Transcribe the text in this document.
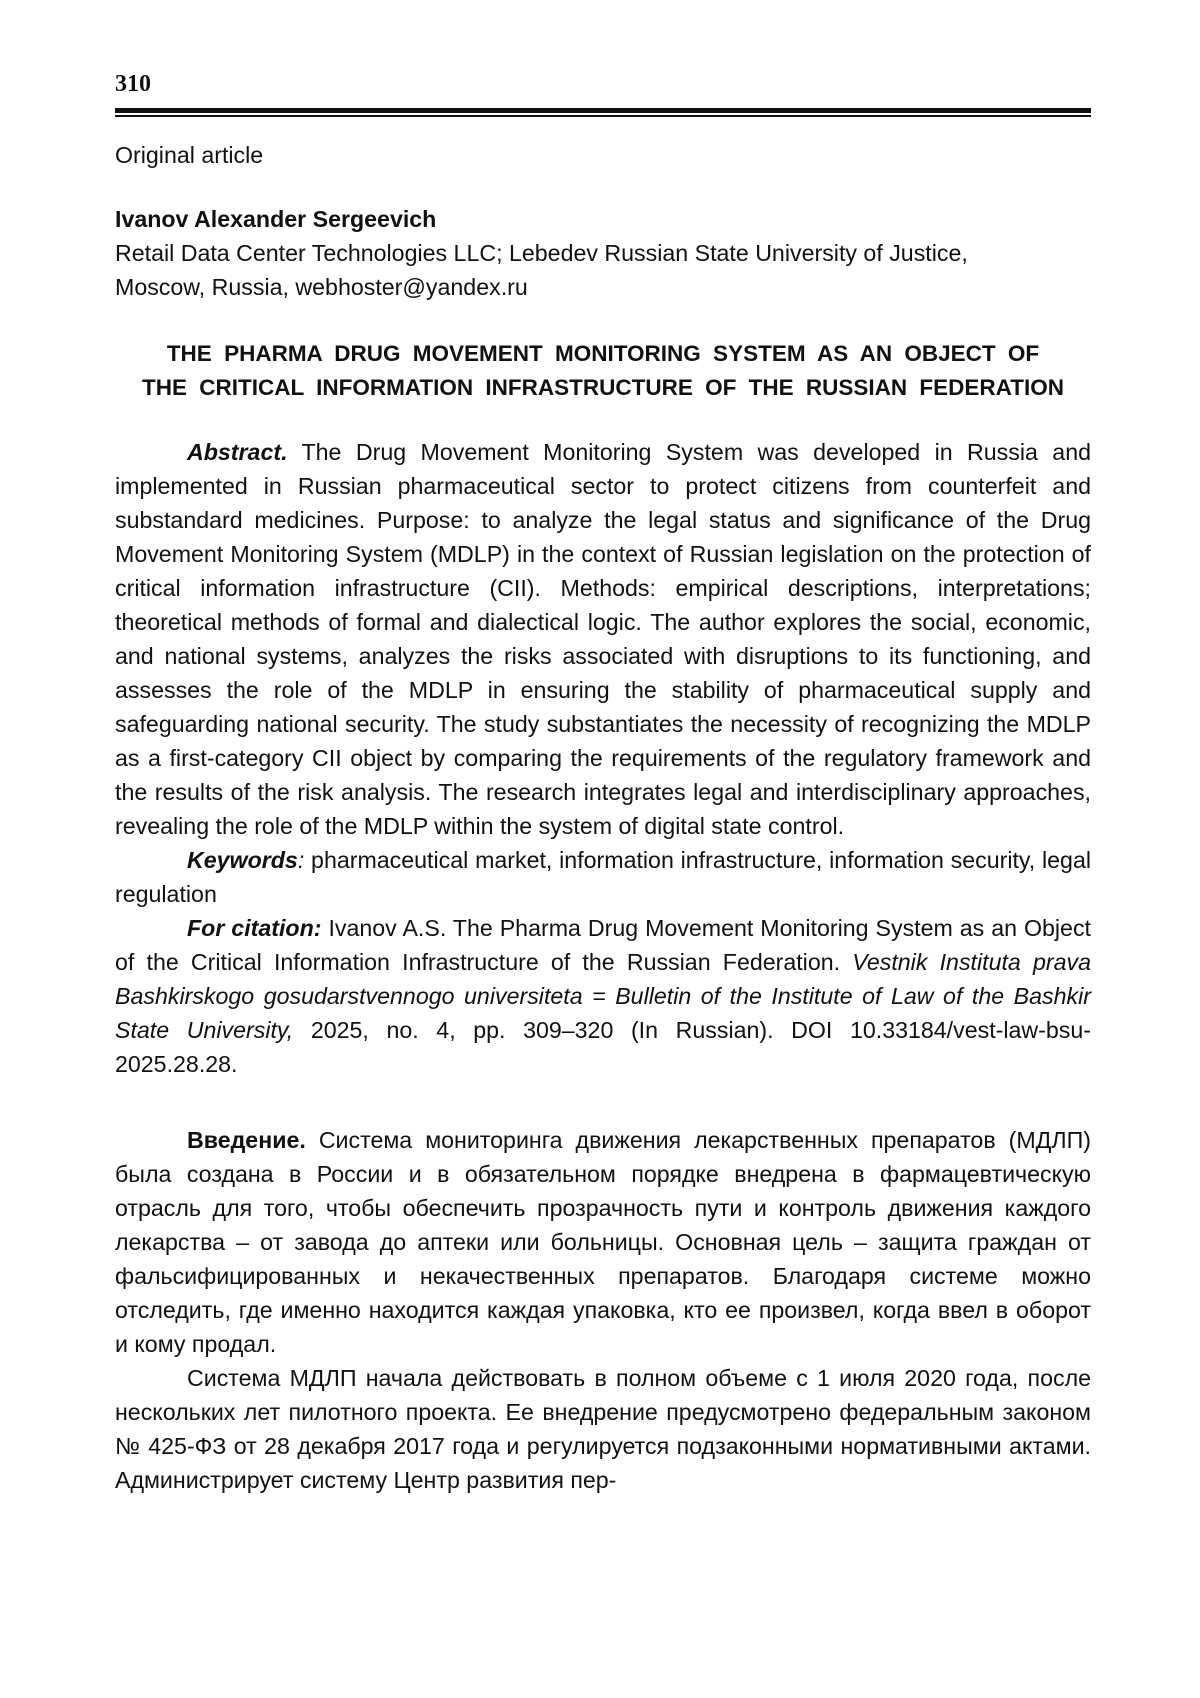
310
Original article
Ivanov Alexander Sergeevich
Retail Data Center Technologies LLC; Lebedev Russian State University of Justice,
Moscow, Russia, webhoster@yandex.ru
THE PHARMA DRUG MOVEMENT MONITORING SYSTEM AS AN OBJECT OF
THE CRITICAL INFORMATION INFRASTRUCTURE OF THE RUSSIAN FEDERATION

Abstract. The Drug Movement Monitoring System was developed in Russia and implemented in Russian pharmaceutical sector to protect citizens from counterfeit and substandard medicines. Purpose: to analyze the legal status and significance of the Drug Movement Monitoring System (MDLP) in the context of Russian legislation on the protection of critical information infrastructure (CII). Methods: empirical descriptions, interpretations; theoretical methods of formal and dialectical logic. The author explores the social, economic, and national systems, analyzes the risks associated with disruptions to its functioning, and assesses the role of the MDLP in ensuring the stability of pharmaceutical supply and safeguarding national security. The study substantiates the necessity of recognizing the MDLP as a first-category CII object by comparing the requirements of the regulatory framework and the results of the risk analysis. The research integrates legal and interdisciplinary approaches, revealing the role of the MDLP within the system of digital state control.

Keywords: pharmaceutical market, information infrastructure, information security, legal regulation

For citation: Ivanov A.S. The Pharma Drug Movement Monitoring System as an Object of the Critical Information Infrastructure of the Russian Federation. Vestnik Instituta prava Bashkirskogo gosudarstvennogo universiteta = Bulletin of the Institute of Law of the Bashkir State University, 2025, no. 4, pp. 309–320 (In Russian). DOI 10.33184/vest-law-bsu-2025.28.28.

Введение. Система мониторинга движения лекарственных препаратов (МДЛП) была создана в России и в обязательном порядке внедрена в фармацевтическую отрасль для того, чтобы обеспечить прозрачность пути и контроль движения каждого лекарства – от завода до аптеки или больницы. Основная цель – защита граждан от фальсифицированных и некачественных препаратов. Благодаря системе можно отследить, где именно находится каждая упаковка, кто ее произвел, когда ввел в оборот и кому продал.

Система МДЛП начала действовать в полном объеме с 1 июля 2020 года, после нескольких лет пилотного проекта. Ее внедрение предусмотрено федеральным законом № 425-ФЗ от 28 декабря 2017 года и регулируется подзаконными нормативными актами. Администрирует систему Центр развития пер-
